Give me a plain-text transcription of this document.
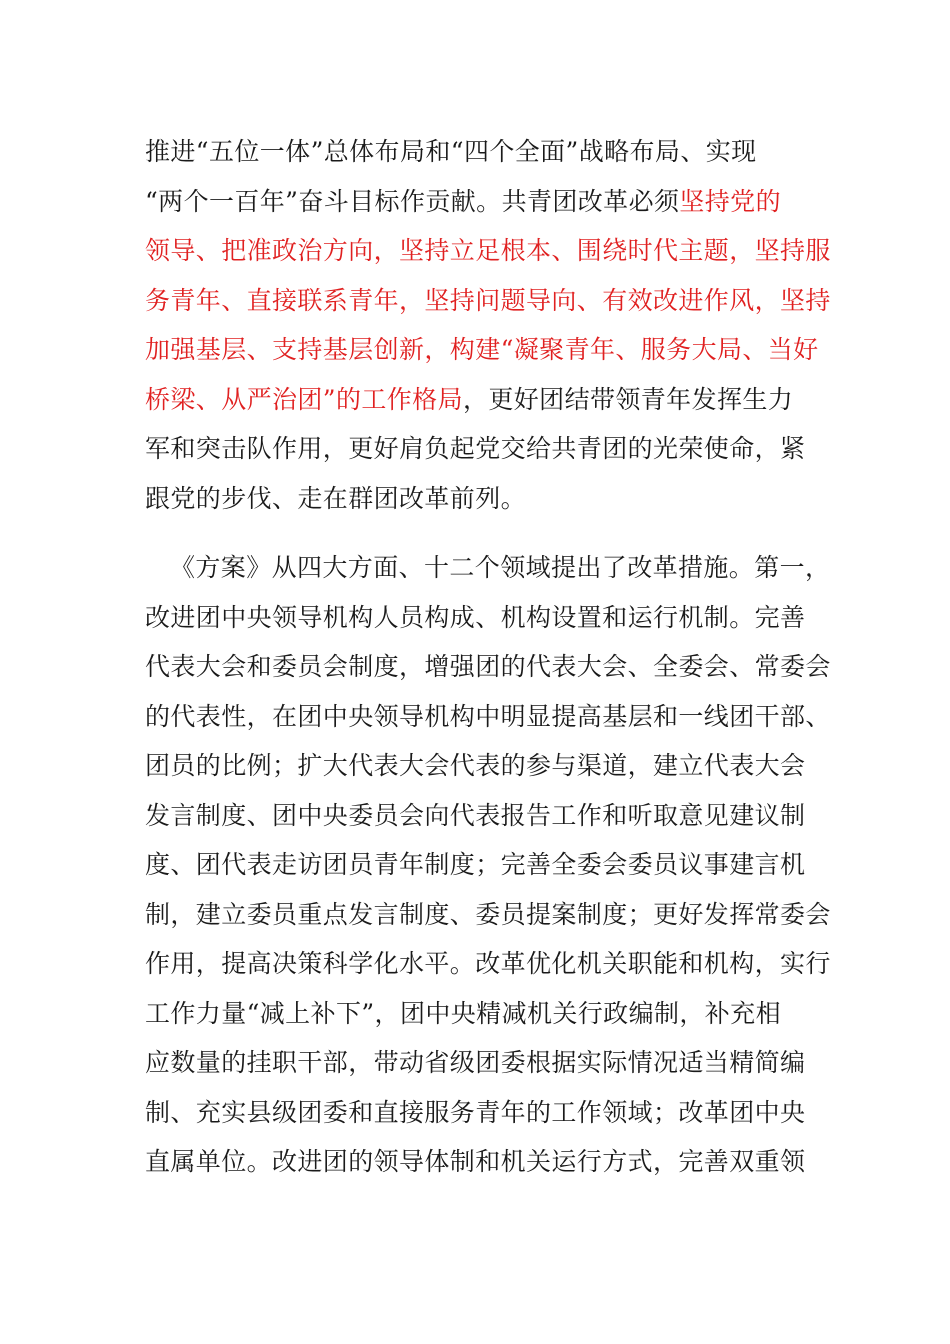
推进“五位一体”总体布局和“四个全面”战略布局、实现
“两个一百年”奋斗目标作贡献。共青团改革必须坚持党的
领导、把准政治方向，坚持立足根本、围绕时代主题，坚持服
务青年、直接联系青年，坚持问题导向、有效改进作风，坚持
加强基层、支持基层创新，构建“凝聚青年、服务大局、当好
桥梁、从严治团”的工作格局，更好团结带领青年发挥生力
军和突击队作用，更好肩负起党交给共青团的光荣使命，紧
跟党的步伐、走在群团改革前列。

《方案》从四大方面、十二个领域提出了改革措施。第一，
改进团中央领导机构人员构成、机构设置和运行机制。完善
代表大会和委员会制度，增强团的代表大会、全委会、常委会
的代表性，在团中央领导机构中明显提高基层和一线团干部、
团员的比例；扩大代表大会代表的参与渠道，建立代表大会
发言制度、团中央委员会向代表报告工作和听取意见建议制
度、团代表走访团员青年制度；完善全委会委员议事建言机
制，建立委员重点发言制度、委员提案制度；更好发挥常委会
作用，提高决策科学化水平。改革优化机关职能和机构，实行
工作力量“减上补下”，团中央精减机关行政编制，补充相
应数量的挂职干部，带动省级团委根据实际情况适当精简编
制、充实县级团委和直接服务青年的工作领域；改革团中央
直属单位。改进团的领导体制和机关运行方式，完善双重领
